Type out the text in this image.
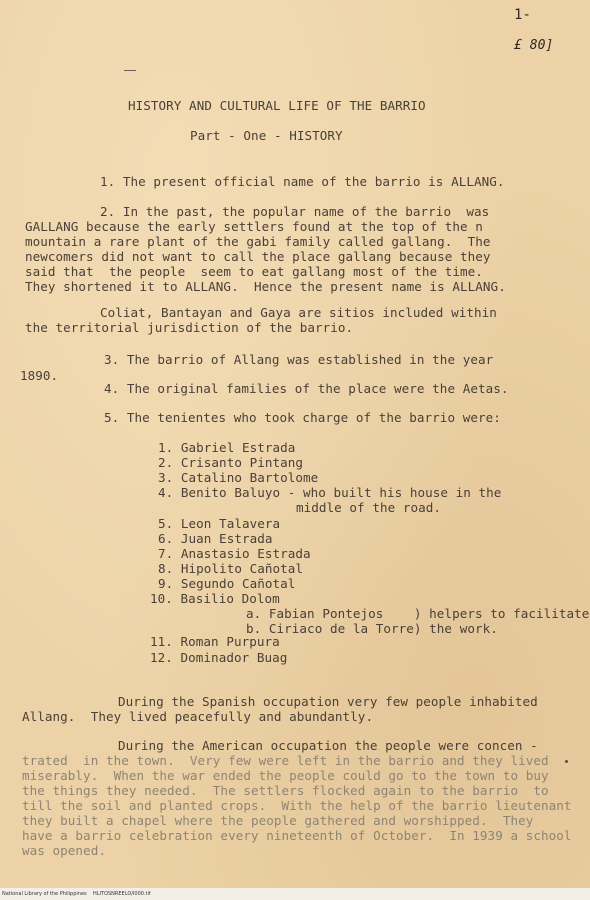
1-
£ 80]
HISTORY AND CULTURAL LIFE OF THE BARRIO
Part - One - HISTORY
1. The present official name of the barrio is ALLANG.
2. In the past, the popular name of the barrio  was
GALLANG because the early settlers found at the top of the n
mountain a rare plant of the gabi family called gallang.  The
newcomers did not want to call the place gallang because they
said that  the people  seem to eat gallang most of the time.
They shortened it to ALLANG.  Hence the present name is ALLANG.
Coliat, Bantayan and Gaya are sitios included within
the territorial jurisdiction of the barrio.
3. The barrio of Allang was established in the year
1890.
4. The original families of the place were the Aetas.
5. The tenientes who took charge of the barrio were:
1. Gabriel Estrada
2. Crisanto Pintang
3. Catalino Bartolome
4. Benito Baluyo - who built his house in the
middle of the road.
5. Leon Talavera
6. Juan Estrada
7. Anastasio Estrada
8. Hipolito Cañotal
9. Segundo Cañotal
10. Basilio Dolom
a. Fabian Pontejos    ) helpers to facilitate
b. Ciriaco de la Torre) the work.
11. Roman Purpura
12. Dominador Buag
During the Spanish occupation very few people inhabited
Allang.  They lived peacefully and abundantly.
During the American occupation the people were concen -
trated  in the town.  Very few were left in the barrio and they lived
miserably.  When the war ended the people could go to the town to buy
the things they needed.  The settlers flocked again to the barrio  to
till the soil and planted crops.  With the help of the barrio lieutenant
they built a chapel where the people gathered and worshipped.  They
have a barrio celebration every nineteenth of October.  In 1939 a school
was opened.
National Library of the Philippines    HLITOSNREELO/I000.tif
